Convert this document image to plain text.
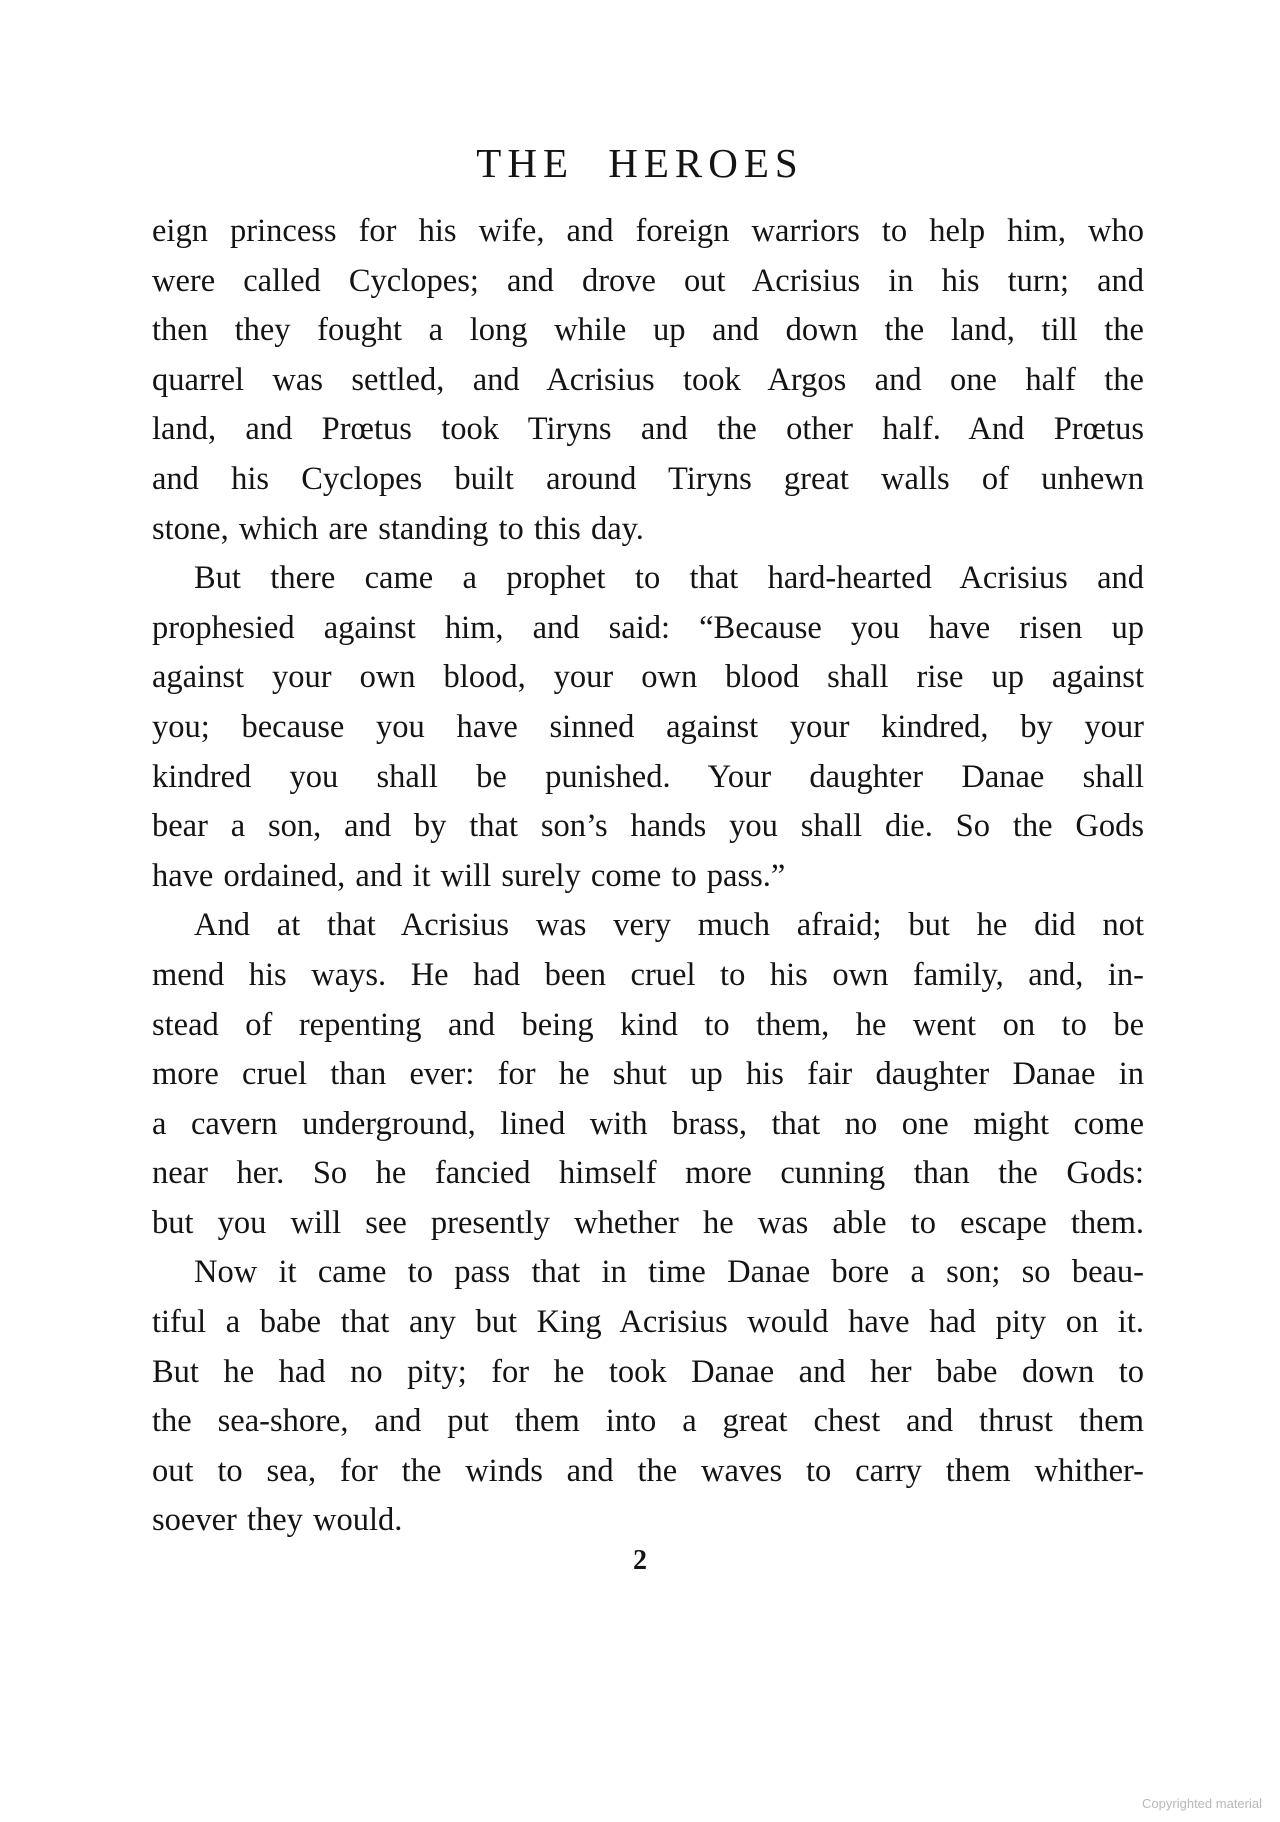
THE HEROES
eign princess for his wife, and foreign warriors to help him, who
were called Cyclopes; and drove out Acrisius in his turn; and
then they fought a long while up and down the land, till the
quarrel was settled, and Acrisius took Argos and one half the
land, and Prœtus took Tiryns and the other half. And Prœtus
and his Cyclopes built around Tiryns great walls of unhewn
stone, which are standing to this day.
But there came a prophet to that hard-hearted Acrisius and
prophesied against him, and said: “Because you have risen up
against your own blood, your own blood shall rise up against
you; because you have sinned against your kindred, by your
kindred you shall be punished. Your daughter Danae shall
bear a son, and by that son’s hands you shall die. So the Gods
have ordained, and it will surely come to pass.”
And at that Acrisius was very much afraid; but he did not
mend his ways. He had been cruel to his own family, and, in-
stead of repenting and being kind to them, he went on to be
more cruel than ever: for he shut up his fair daughter Danae in
a cavern underground, lined with brass, that no one might come
near her. So he fancied himself more cunning than the Gods:
but you will see presently whether he was able to escape them.
Now it came to pass that in time Danae bore a son; so beau-
tiful a babe that any but King Acrisius would have had pity on it.
But he had no pity; for he took Danae and her babe down to
the sea-shore, and put them into a great chest and thrust them
out to sea, for the winds and the waves to carry them whither-
soever they would.
2
Copyrighted material
